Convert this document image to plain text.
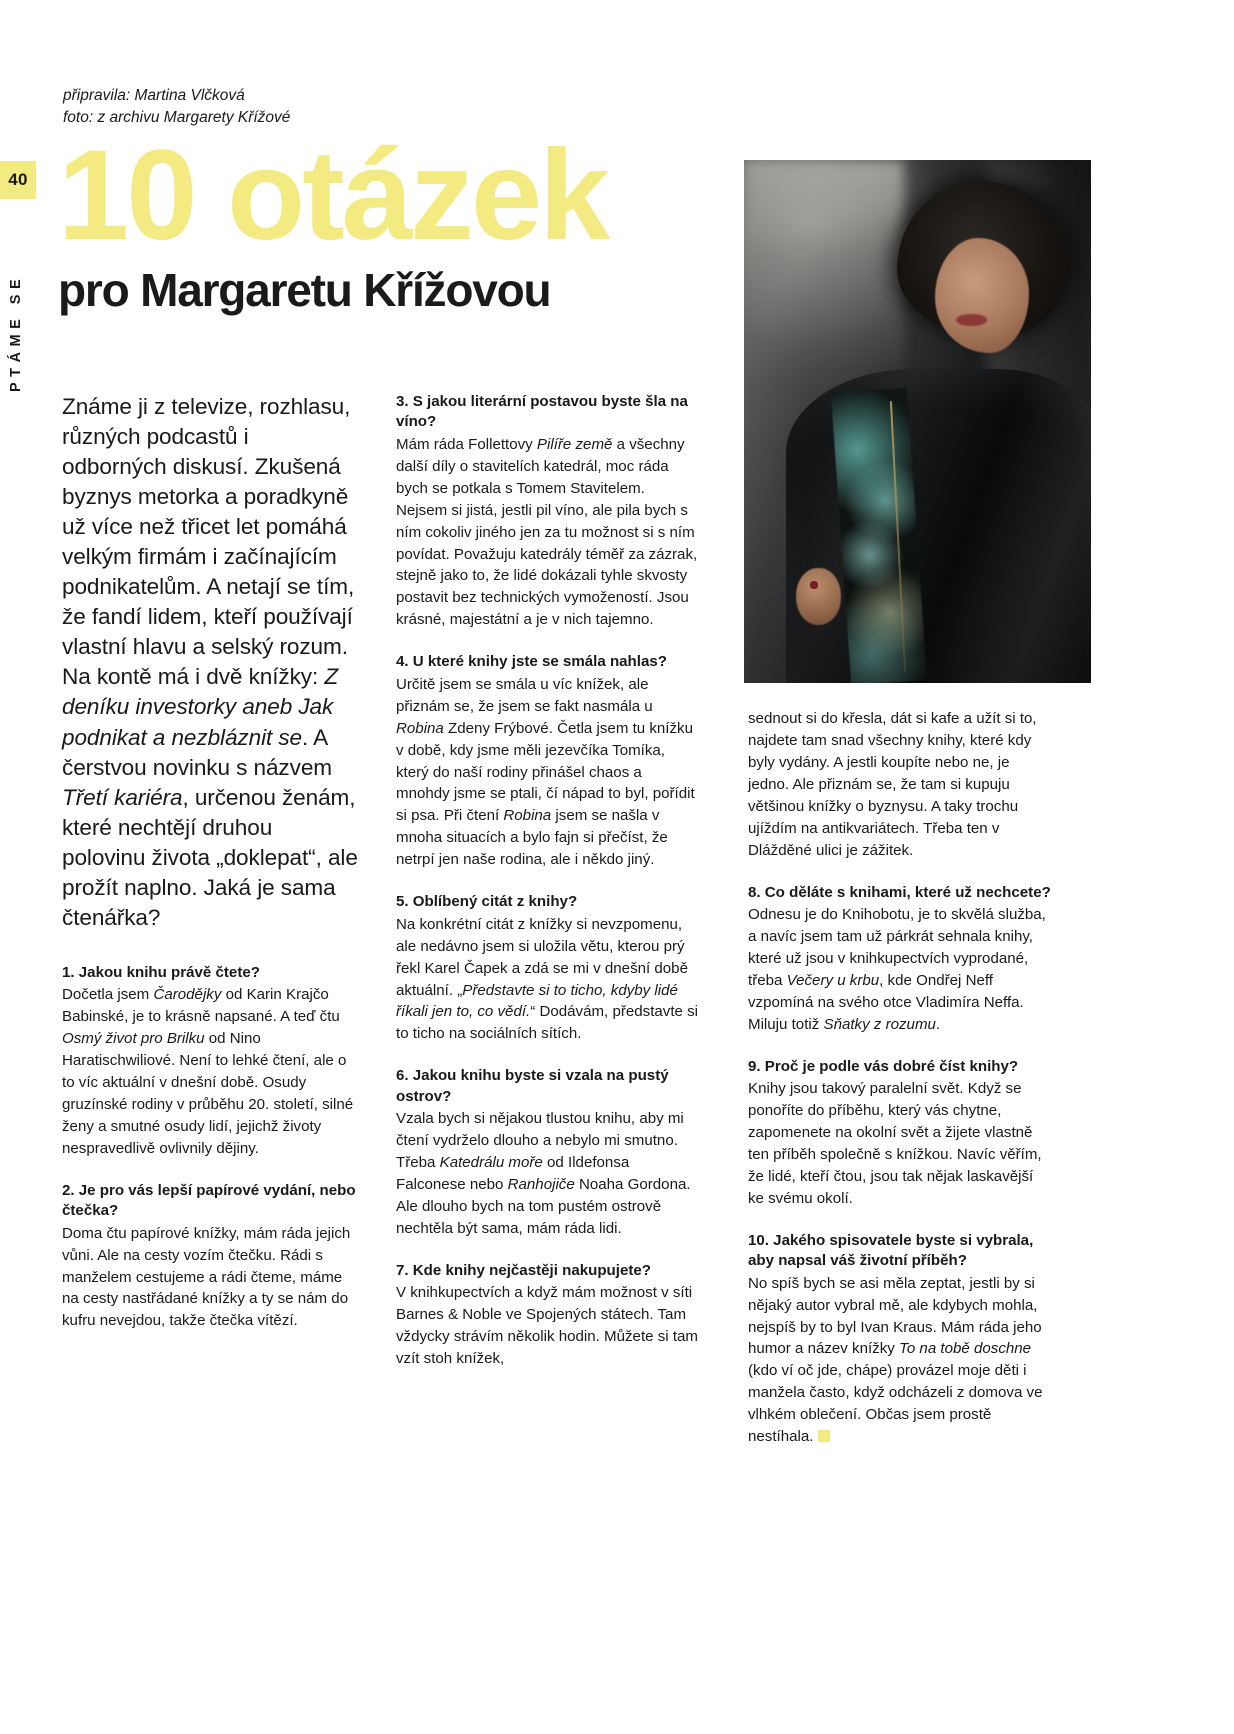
40
PTÁME SE
připravila: Martina Vlčková
foto: z archivu Margarety Křížové
10 otázek
pro Margaretu Křížovou

Známe ji z televize, rozhlasu, různých podcastů i odborných diskusí. Zkušená byznys metorka a poradkyně už více než třicet let pomáhá velkým firmám i začínajícím podnikatelům. A netají se tím, že fandí lidem, kteří používají vlastní hlavu a selský rozum. Na kontě má i dvě knížky: Z deníku investorky aneb Jak podnikat a nezbláznit se. A čerstvou novinku s názvem Třetí kariéra, určenou ženám, které nechtějí druhou polovinu života „doklepat“, ale prožít naplno. Jaká je sama čtenářka?

1. Jakou knihu právě čtete?

Dočetla jsem Čarodějky od Karin Krajčo Babinské, je to krásně napsané. A teď čtu Osmý život pro Brilku od Nino Haratischwiliové. Není to lehké čtení, ale o to víc aktuální v dnešní době. Osudy gruzínské rodiny v průběhu 20. století, silné ženy a smutné osudy lidí, jejichž životy nespravedlivě ovlivnily dějiny.

2. Je pro vás lepší papírové vydání, nebo čtečka?

Doma čtu papírové knížky, mám ráda jejich vůni. Ale na cesty vozím čtečku. Rádi s manželem cestujeme a rádi čteme, máme na cesty nastřádané knížky a ty se nám do kufru nevejdou, takže čtečka vítězí.

3. S jakou literární postavou byste šla na víno?

Mám ráda Follettovy Pilíře země a všechny další díly o stavitelích katedrál, moc ráda bych se potkala s Tomem Stavitelem. Nejsem si jistá, jestli pil víno, ale pila bych s ním cokoliv jiného jen za tu možnost si s ním povídat. Považuju katedrály téměř za zázrak, stejně jako to, že lidé dokázali tyhle skvosty postavit bez technických vymožeností. Jsou krásné, majestátní a je v nich tajemno.

4. U které knihy jste se smála nahlas?

Určitě jsem se smála u víc knížek, ale přiznám se, že jsem se fakt nasmála u Robina Zdeny Frýbové. Četla jsem tu knížku v době, kdy jsme měli jezevčíka Tomíka, který do naší rodiny přinášel chaos a mnohdy jsme se ptali, čí nápad to byl, pořídit si psa. Při čtení Robina jsem se našla v mnoha situacích a bylo fajn si přečíst, že netrpí jen naše rodina, ale i někdo jiný.

5. Oblíbený citát z knihy?

Na konkrétní citát z knížky si nevzpomenu, ale nedávno jsem si uložila větu, kterou prý řekl Karel Čapek a zdá se mi v dnešní době aktuální. „Představte si to ticho, kdyby lidé říkali jen to, co vědí.“ Dodávám, představte si to ticho na sociálních sítích.

6. Jakou knihu byste si vzala na pustý ostrov?

Vzala bych si nějakou tlustou knihu, aby mi čtení vydrželo dlouho a nebylo mi smutno. Třeba Katedrálu moře od Ildefonsa Falconese nebo Ranhojiče Noaha Gordona. Ale dlouho bych na tom pustém ostrově nechtěla být sama, mám ráda lidi.

7. Kde knihy nejčastěji nakupujete?

V knihkupectvích a když mám možnost v síti Barnes & Noble ve Spojených státech. Tam vždycky strávím několik hodin. Můžete si tam vzít stoh knížek,

sednout si do křesla, dát si kafe a užít si to, najdete tam snad všechny knihy, které kdy byly vydány. A jestli koupíte nebo ne, je jedno. Ale přiznám se, že tam si kupuju většinou knížky o byznysu. A taky trochu ujíždím na antikvariátech. Třeba ten v Dlážděné ulici je zážitek.

8. Co děláte s knihami, které už nechcete?

Odnesu je do Knihobotu, je to skvělá služba, a navíc jsem tam už párkrát sehnala knihy, které už jsou v knihkupectvích vyprodané, třeba Večery u krbu, kde Ondřej Neff vzpomíná na svého otce Vladimíra Neffa. Miluju totiž Sňatky z rozumu.

9. Proč je podle vás dobré číst knihy?

Knihy jsou takový paralelní svět. Když se ponoříte do příběhu, který vás chytne, zapomenete na okolní svět a žijete vlastně ten příběh společně s knížkou. Navíc věřím, že lidé, kteří čtou, jsou tak nějak laskavější ke svému okolí.

10. Jakého spisovatele byste si vybrala, aby napsal váš životní příběh?

No spíš bych se asi měla zeptat, jestli by si nějaký autor vybral mě, ale kdybych mohla, nejspíš by to byl Ivan Kraus. Mám ráda jeho humor a název knížky To na tobě doschne (kdo ví oč jde, chápe) provázel moje děti i manžela často, když odcházeli z domova ve vlhkém oblečení. Občas jsem prostě nestíhala.
